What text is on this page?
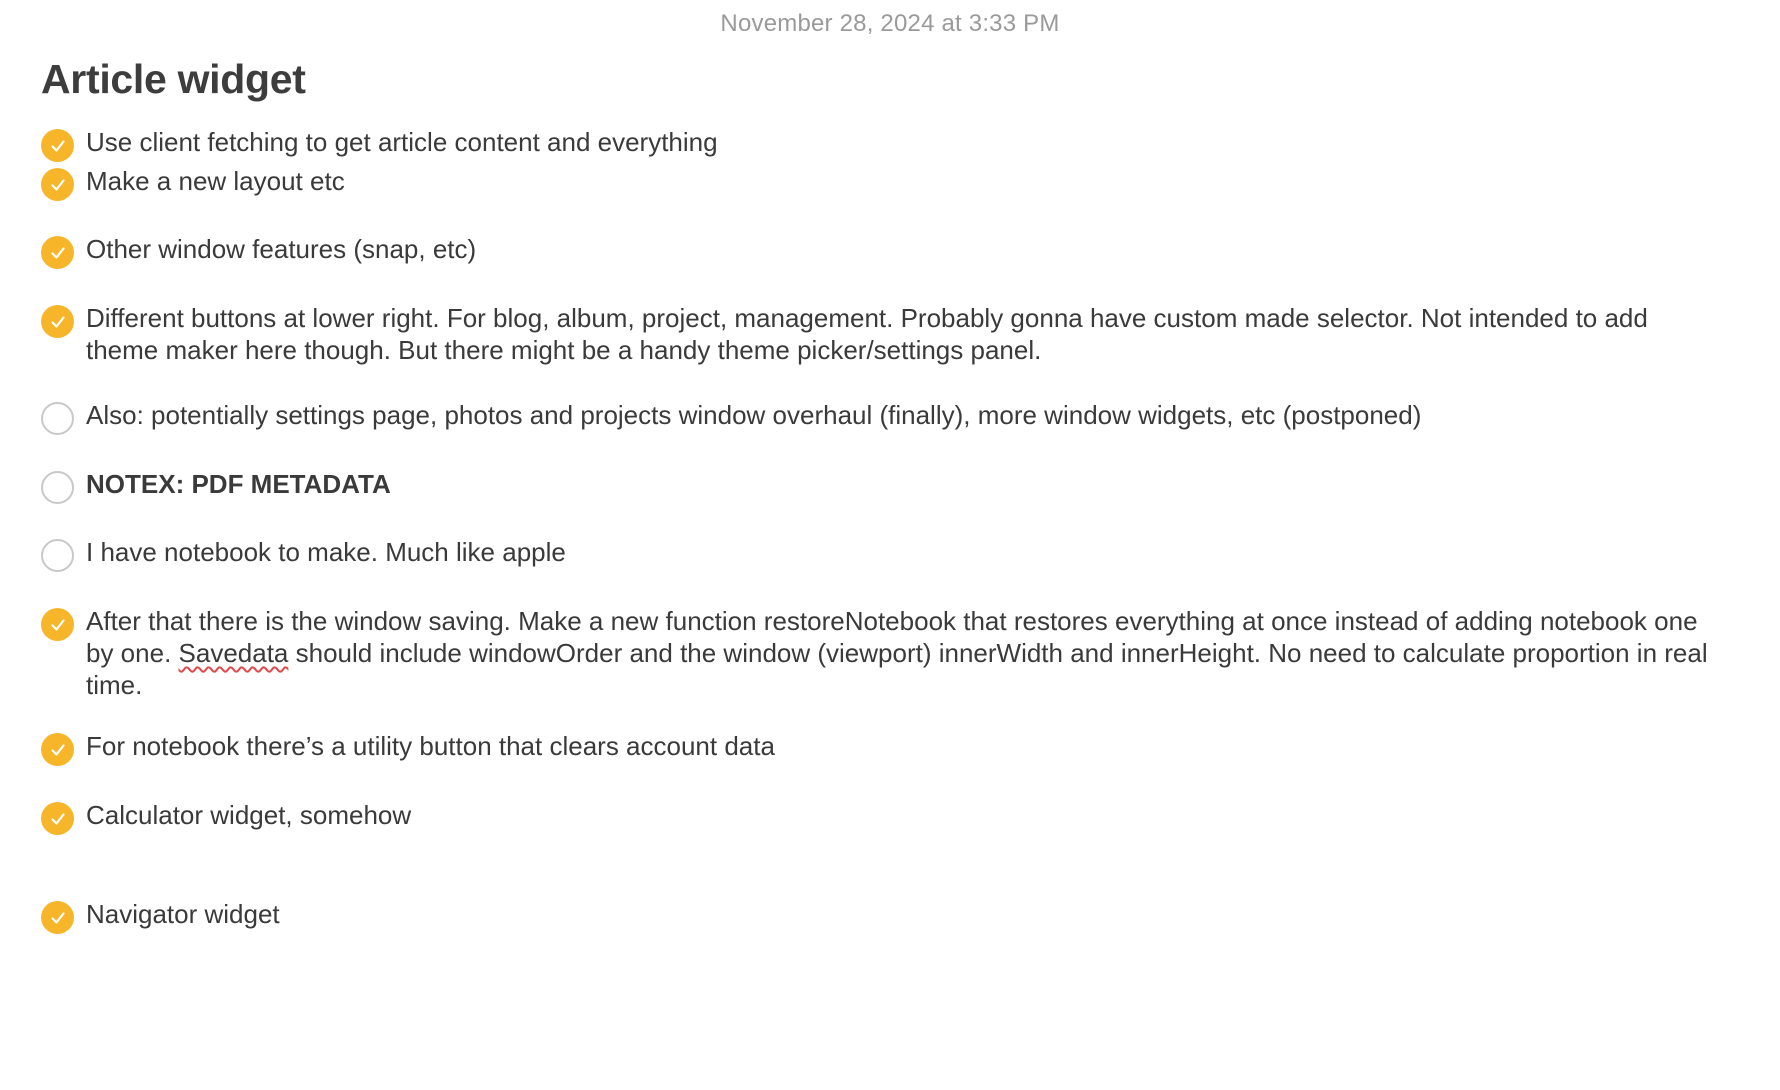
November 28, 2024 at 3:33 PM
Article widget
Use client fetching to get article content and everything
Make a new layout etc
Other window features (snap, etc)
Different buttons at lower right. For blog, album, project, management. Probably gonna have custom made selector. Not intended to add theme maker here though. But there might be a handy theme picker/settings panel.
Also: potentially settings page, photos and projects window overhaul (finally), more window widgets, etc (postponed)
NOTEX: PDF METADATA
I have notebook to make. Much like apple
After that there is the window saving. Make a new function restoreNotebook that restores everything at once instead of adding notebook one by one. Savedata should include windowOrder and the window (viewport) innerWidth and innerHeight. No need to calculate proportion in real time.
For notebook there’s a utility button that clears account data
Calculator widget, somehow
Navigator widget
